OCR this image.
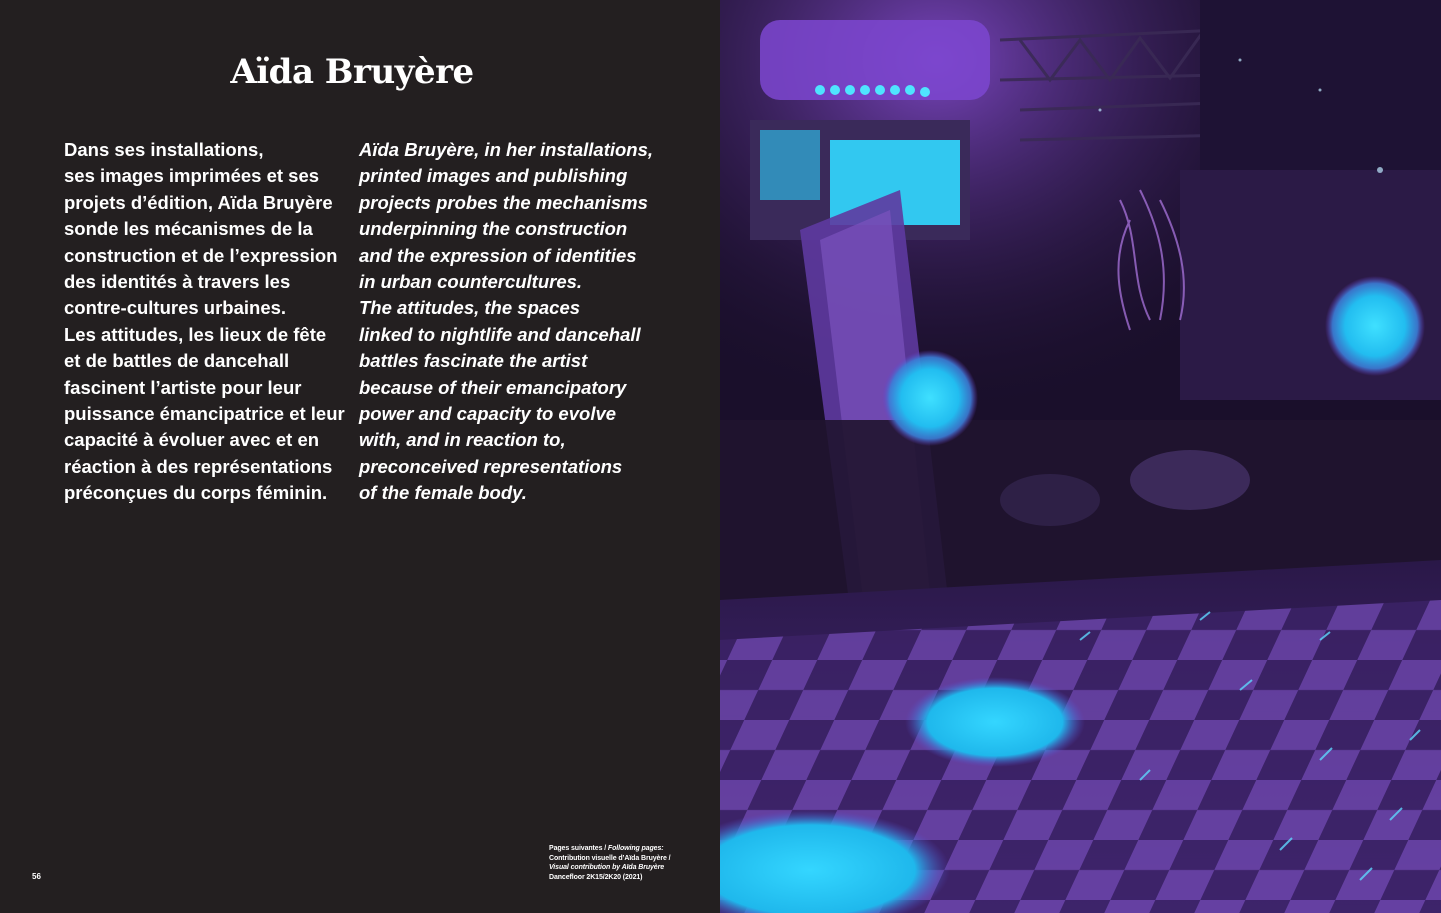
Aïda Bruyère

Dans ses installations,
ses images imprimées et ses
projets d’édition, Aïda Bruyère
sonde les mécanismes de la
construction et de l’expression
des identités à travers les
contre-cultures urbaines.
Les attitudes, les lieux de fête
et de battles de dancehall
fascinent l’artiste pour leur
puissance émancipatrice et leur
capacité à évoluer avec et en
réaction à des représentations
préconçues du corps féminin.

Aïda Bruyère, in her installations,
printed images and publishing
projects probes the mechanisms
underpinning the construction
and the expression of identities
in urban countercultures.
The attitudes, the spaces
linked to nightlife and dancehall
battles fascinate the artist
because of their emancipatory
power and capacity to evolve
with, and in reaction to,
preconceived representations
of the female body.

Pages suivantes / Following pages:
Contribution visuelle d’Aïda Bruyère /
Visual contribution by Aïda Bruyère
Dancefloor 2K15/2K20 (2021)
56
